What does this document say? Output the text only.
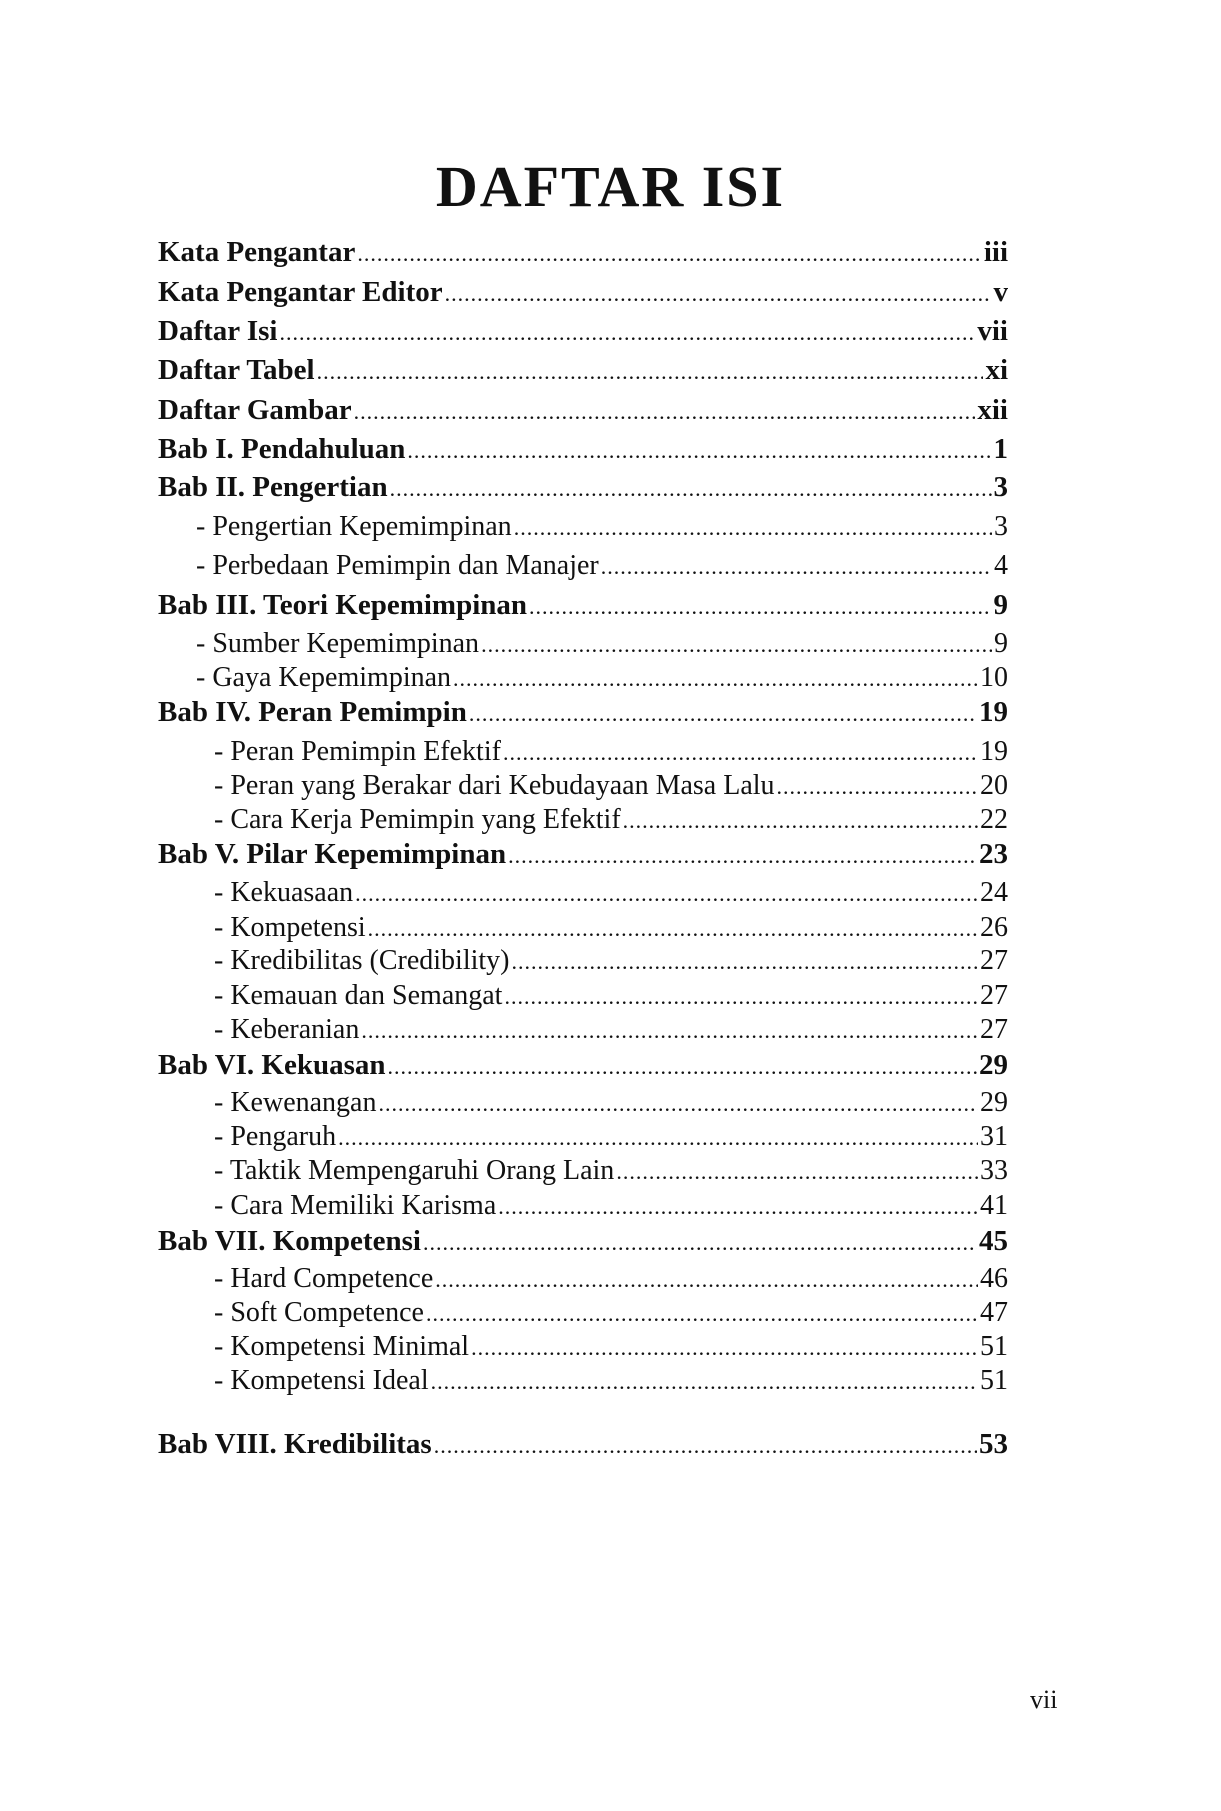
DAFTAR ISI
Kata Pengantar .....	iii
Kata Pengantar Editor .....	v
Daftar Isi .....	vii
Daftar Tabel .....	xi
Daftar Gambar .....	xii
Bab I. Pendahuluan .....	1
Bab II. Pengertian .....	3
- Pengertian Kepemimpinan .....	3
- Perbedaan Pemimpin dan Manajer .....	4
Bab III. Teori Kepemimpinan .....	9
- Sumber Kepemimpinan .....	9
- Gaya Kepemimpinan .....	10
Bab IV. Peran Pemimpin .....	19
- Peran Pemimpin Efektif .....	19
- Peran yang Berakar dari Kebudayaan Masa Lalu .....	20
- Cara Kerja Pemimpin yang Efektif .....	22
Bab V. Pilar Kepemimpinan .....	23
- Kekuasaan .....	24
- Kompetensi .....	26
- Kredibilitas (Credibility) .....	27
- Kemauan dan Semangat .....	27
- Keberanian .....	27
Bab VI. Kekuasan .....	29
- Kewenangan .....	29
- Pengaruh .....	31
- Taktik Mempengaruhi Orang Lain .....	33
- Cara Memiliki Karisma .....	41
Bab VII. Kompetensi .....	45
- Hard Competence .....	46
- Soft Competence .....	47
- Kompetensi Minimal .....	51
- Kompetensi Ideal .....	51
Bab VIII. Kredibilitas .....	53
vii
